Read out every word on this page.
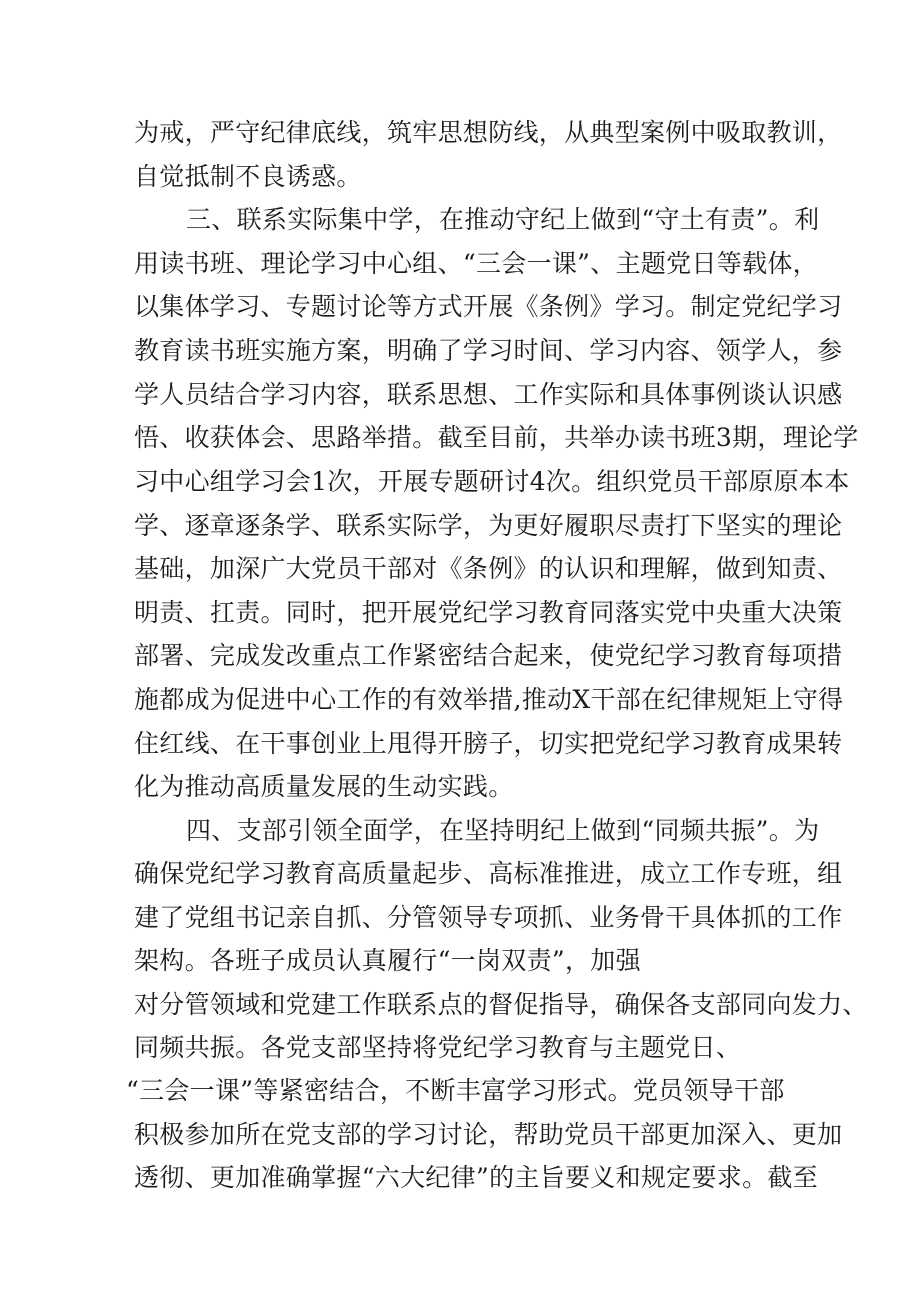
为戒，严守纪律底线，筑牢思想防线，从典型案例中吸取教训，
自觉抵制不良诱惑。
三、联系实际集中学，在推动守纪上做到“守土有责”。利
用读书班、理论学习中心组、“三会一课”、主题党日等载体，
以集体学习、专题讨论等方式开展《条例》学习。制定党纪学习
教育读书班实施方案，明确了学习时间、学习内容、领学人，参
学人员结合学习内容，联系思想、工作实际和具体事例谈认识感
悟、收获体会、思路举措。截至目前，共举办读书班3期，理论学
习中心组学习会1次，开展专题研讨4次。组织党员干部原原本本
学、逐章逐条学、联系实际学，为更好履职尽责打下坚实的理论
基础，加深广大党员干部对《条例》的认识和理解，做到知责、
明责、扛责。同时，把开展党纪学习教育同落实党中央重大决策
部署、完成发改重点工作紧密结合起来，使党纪学习教育每项措
施都成为促进中心工作的有效举措,推动X干部在纪律规矩上守得
住红线、在干事创业上甩得开膀子，切实把党纪学习教育成果转
化为推动高质量发展的生动实践。
四、支部引领全面学，在坚持明纪上做到“同频共振”。为
确保党纪学习教育高质量起步、高标准推进，成立工作专班，组
建了党组书记亲自抓、分管领导专项抓、业务骨干具体抓的工作
架构。各班子成员认真履行“一岗双责”，加强
对分管领域和党建工作联系点的督促指导，确保各支部同向发力、
同频共振。各党支部坚持将党纪学习教育与主题党日、
“三会一课”等紧密结合，不断丰富学习形式。党员领导干部
积极参加所在党支部的学习讨论，帮助党员干部更加深入、更加
透彻、更加准确掌握“六大纪律”的主旨要义和规定要求。截至
